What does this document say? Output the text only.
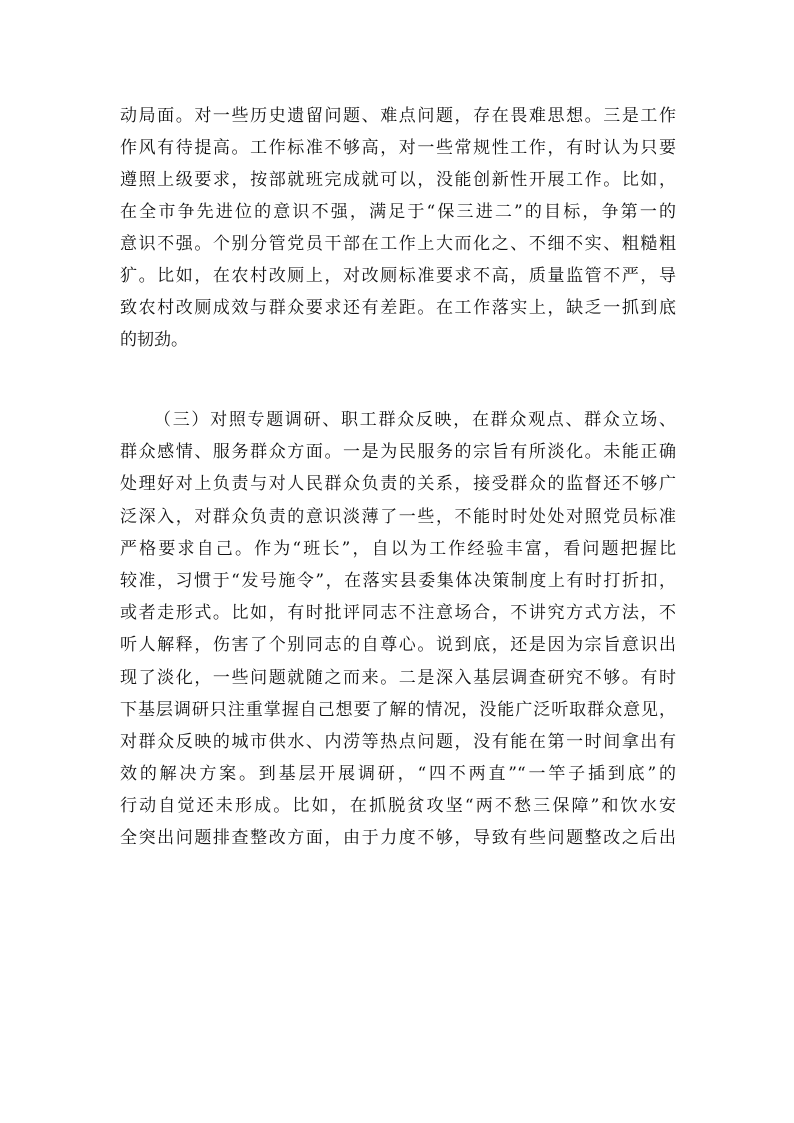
动局面。对一些历史遗留问题、难点问题，存在畏难思想。三是工作
作风有待提高。工作标准不够高，对一些常规性工作，有时认为只要
遵照上级要求，按部就班完成就可以，没能创新性开展工作。比如，
在全市争先进位的意识不强，满足于“保三进二”的目标，争第一的
意识不强。个别分管党员干部在工作上大而化之、不细不实、粗糙粗
犷。比如，在农村改厕上，对改厕标准要求不高，质量监管不严，导
致农村改厕成效与群众要求还有差距。在工作落实上，缺乏一抓到底
的韧劲。
（三）对照专题调研、职工群众反映，在群众观点、群众立场、
群众感情、服务群众方面。一是为民服务的宗旨有所淡化。未能正确
处理好对上负责与对人民群众负责的关系，接受群众的监督还不够广
泛深入，对群众负责的意识淡薄了一些，不能时时处处对照党员标准
严格要求自己。作为“班长”，自以为工作经验丰富，看问题把握比
较准，习惯于“发号施令”，在落实县委集体决策制度上有时打折扣，
或者走形式。比如，有时批评同志不注意场合，不讲究方式方法，不
听人解释，伤害了个别同志的自尊心。说到底，还是因为宗旨意识出
现了淡化，一些问题就随之而来。二是深入基层调查研究不够。有时
下基层调研只注重掌握自己想要了解的情况，没能广泛听取群众意见，
对群众反映的城市供水、内涝等热点问题，没有能在第一时间拿出有
效的解决方案。到基层开展调研，“四不两直”“一竿子插到底”的
行动自觉还未形成。比如，在抓脱贫攻坚“两不愁三保障”和饮水安
全突出问题排查整改方面，由于力度不够，导致有些问题整改之后出
